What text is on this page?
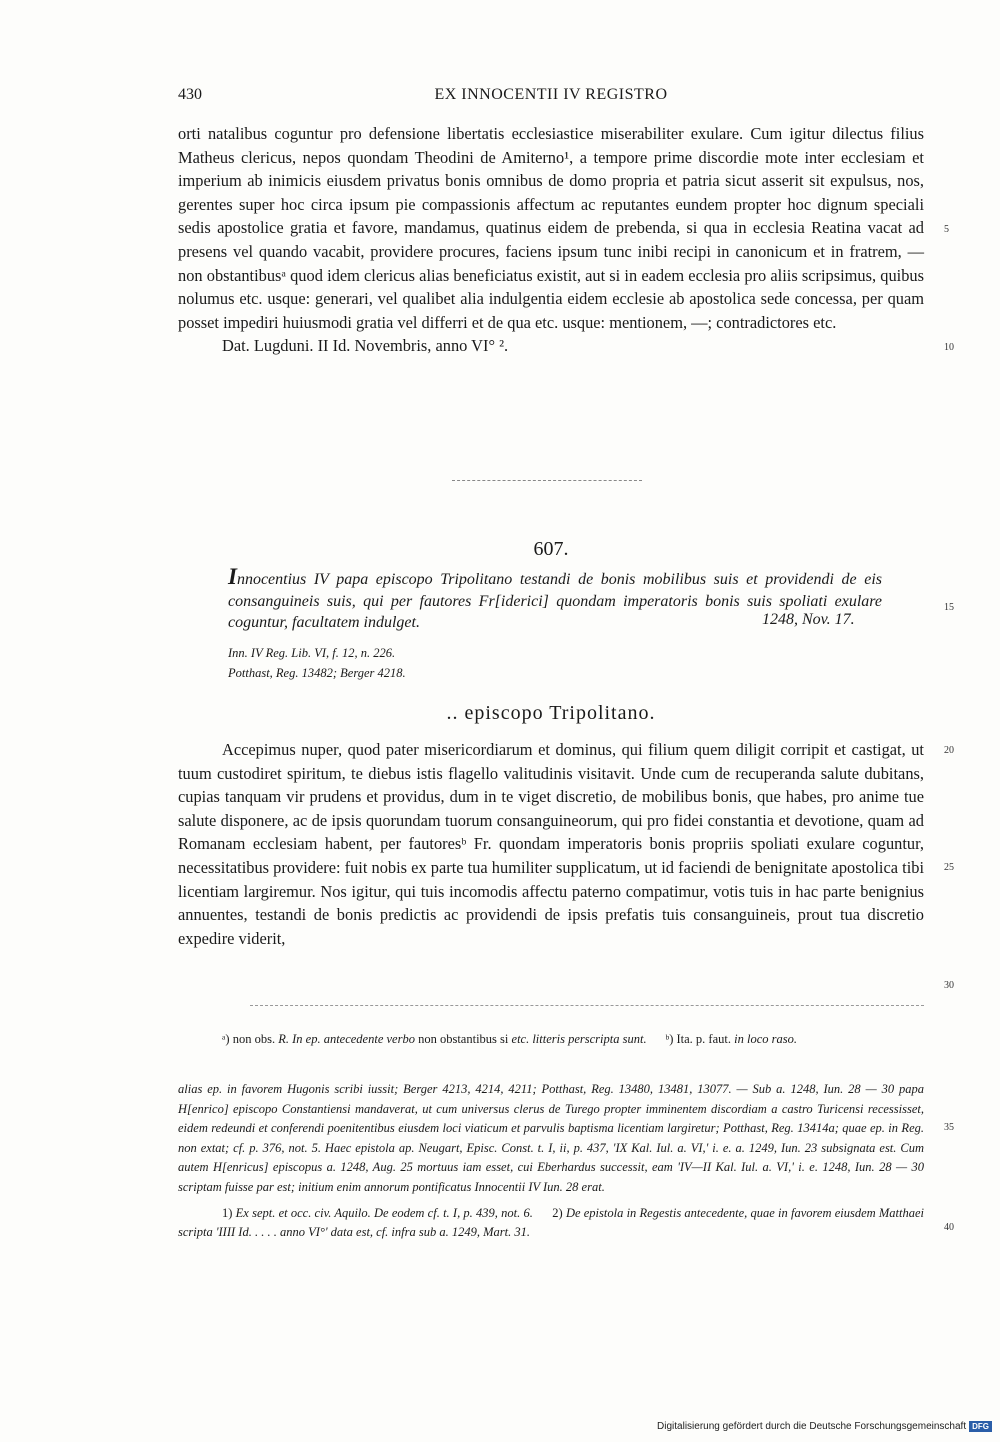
430	EX INNOCENTII IV REGISTRO

orti natalibus coguntur pro defensione libertatis ecclesiastice miserabiliter exulare. Cum igitur dilectus filius Matheus clericus, nepos quondam Theodini de Amiterno¹, a tempore prime discordie mote inter ecclesiam et imperium ab inimicis eiusdem privatus bonis omnibus de domo propria et patria sicut asserit sit expulsus, nos, gerentes super hoc circa ipsum pie compassionis affectum ac reputantes eundem propter hoc dignum speciali sedis apostolice gratia et favore, mandamus, quatinus eidem de prebenda, si qua in ecclesia Reatina vacat ad presens vel quando vacabit, providere procures, faciens ipsum tunc inibi recipi in canonicum et in fratrem, — non obstantibusᵃ quod idem clericus alias beneficiatus existit, aut si in eadem ecclesia pro aliis scripsimus, quibus nolumus etc. usque: generari, vel qualibet alia indulgentia eidem ecclesie ab apostolica sede concessa, per quam posset impediri huiusmodi gratia vel differri et de qua etc. usque: mentionem, —; contradictores etc.

Dat. Lugduni. II Id. Novembris, anno VI° ².

607.
Innocentius IV papa episcopo Tripolitano testandi de bonis mobilibus suis et providendi de eis consanguineis suis, qui per fautores Fr[iderici] quondam imperatoris bonis suis spoliati exulare coguntur, facultatem indulget.	1248, Nov. 17.
Inn. IV Reg. Lib. VI, f. 12, n. 226.
Potthast, Reg. 13482; Berger 4218.
.. episcopo Tripolitano.

Accepimus nuper, quod pater misericordiarum et dominus, qui filium quem diligit corripit et castigat, ut tuum custodiret spiritum, te diebus istis flagello valitudinis visitavit. Unde cum de recuperanda salute dubitans, cupias tanquam vir prudens et providus, dum in te viget discretio, de mobilibus bonis, que habes, pro anime tue salute disponere, ac de ipsis quorundam tuorum consanguineorum, qui pro fidei constantia et devotione, quam ad Romanam ecclesiam habent, per fautoresᵇ Fr. quondam imperatoris bonis propriis spoliati exulare coguntur, necessitatibus providere: fuit nobis ex parte tua humiliter supplicatum, ut id faciendi de benignitate apostolica tibi licentiam largiremur. Nos igitur, qui tuis incomodis affectu paterno compatimur, votis tuis in hac parte benignius annuentes, testandi de bonis predictis ac providendi de ipsis prefatis tuis consanguineis, prout tua discretio expedire viderit,

ᵃ) non obs. R. In ep. antecedente verbo non obstantibus si etc. litteris perscripta sunt. ᵇ) Ita. p. faut. in loco raso.

alias ep. in favorem Hugonis scribi iussit; Berger 4213, 4214, 4211; Potthast, Reg. 13480, 13481, 13077. — Sub a. 1248, Iun. 28 — 30 papa H[enrico] episcopo Constantiensi mandaverat, ut cum universus clerus de Turego propter imminentem discordiam a castro Turicensi recessisset, eidem redeundi et conferendi poenitentibus eiusdem loci viaticum et parvulis baptisma licentiam largiretur; Potthast, Reg. 13414a; quae ep. in Reg. non extat; cf. p. 376, not. 5. Haec epistola ap. Neugart, Episc. Const. t. I, ii, p. 437, 'IX Kal. Iul. a. VI,' i. e. a. 1249, Iun. 23 subsignata est. Cum autem H[enricus] episcopus a. 1248, Aug. 25 mortuus iam esset, cui Eberhardus successit, eam 'IV—II Kal. Iul. a. VI,' i. e. 1248, Iun. 28 — 30 scriptam fuisse par est; initium enim annorum pontificatus Innocentii IV Iun. 28 erat.

1) Ex sept. et occ. civ. Aquilo. De eodem cf. t. I, p. 439, not. 6. 2) De epistola in Regestis antecedente, quae in favorem eiusdem Matthaei scripta 'IIII Id. . . . . anno VI°' data est, cf. infra sub a. 1249, Mart. 31.

5
10
15
20
25
30
35
40
Digitalisierung gefördert durch die Deutsche Forschungsgemeinschaft DFG
